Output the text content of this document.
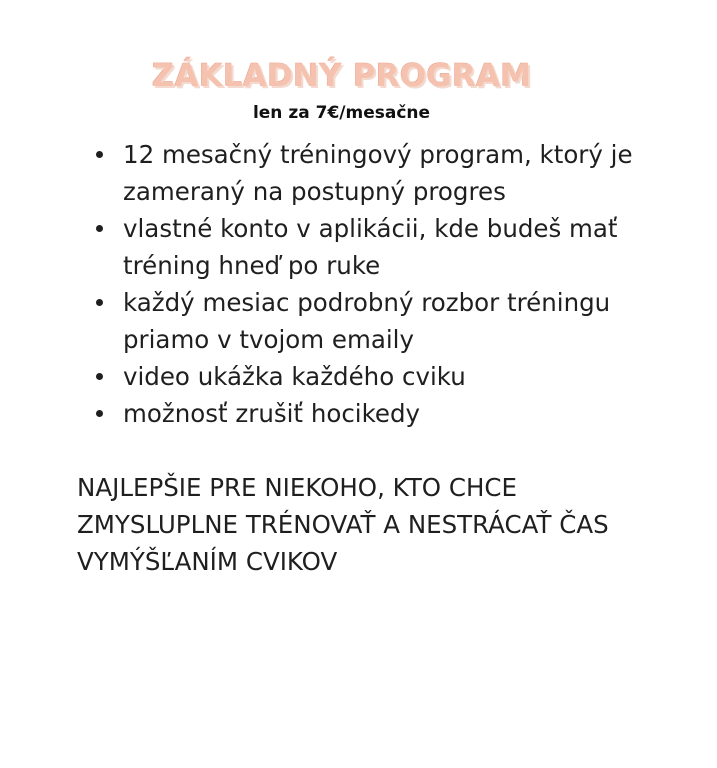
ZÁKLADNÝ PROGRAM
len za 7€/mesačne
12 mesačný tréningový program, ktorý je zameraný na postupný progres
vlastné konto v aplikácii, kde budeš mať tréning hneď po ruke
každý mesiac podrobný rozbor tréningu priamo v tvojom emaily
video ukážka každého cviku
možnosť zrušiť hocikedy
NAJLEPŠIE PRE NIEKOHO, KTO CHCE
ZMYSLUPLNE TRÉNOVAŤ A NESTRÁCAŤ ČAS
VYMÝŠĽANÍM CVIKOV
